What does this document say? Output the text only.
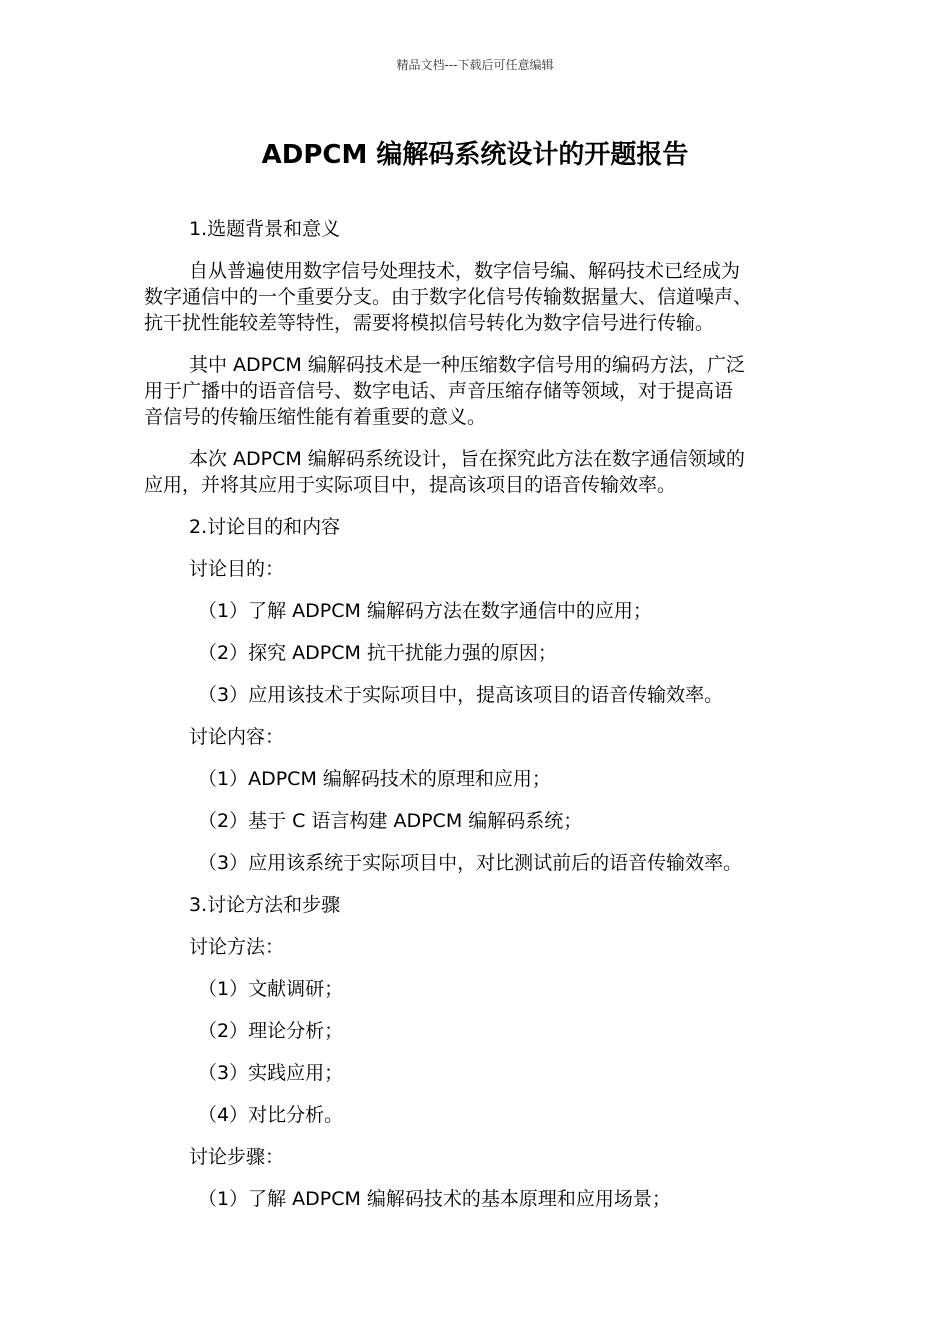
精品文档---下载后可任意编辑
ADPCM 编解码系统设计的开题报告
1.选题背景和意义
自从普遍使用数字信号处理技术，数字信号编、解码技术已经成为
数字通信中的一个重要分支。由于数字化信号传输数据量大、信道噪声、
抗干扰性能较差等特性，需要将模拟信号转化为数字信号进行传输。
其中 ADPCM 编解码技术是一种压缩数字信号用的编码方法，广泛
用于广播中的语音信号、数字电话、声音压缩存储等领域，对于提高语
音信号的传输压缩性能有着重要的意义。
本次 ADPCM 编解码系统设计，旨在探究此方法在数字通信领域的
应用，并将其应用于实际项目中，提高该项目的语音传输效率。
2.讨论目的和内容
讨论目的：
（1）了解 ADPCM 编解码方法在数字通信中的应用；
（2）探究 ADPCM 抗干扰能力强的原因；
（3）应用该技术于实际项目中，提高该项目的语音传输效率。
讨论内容：
（1）ADPCM 编解码技术的原理和应用；
（2）基于 C 语言构建 ADPCM 编解码系统；
（3）应用该系统于实际项目中，对比测试前后的语音传输效率。
3.讨论方法和步骤
讨论方法：
（1）文献调研；
（2）理论分析；
（3）实践应用；
（4）对比分析。
讨论步骤：
（1）了解 ADPCM 编解码技术的基本原理和应用场景；
